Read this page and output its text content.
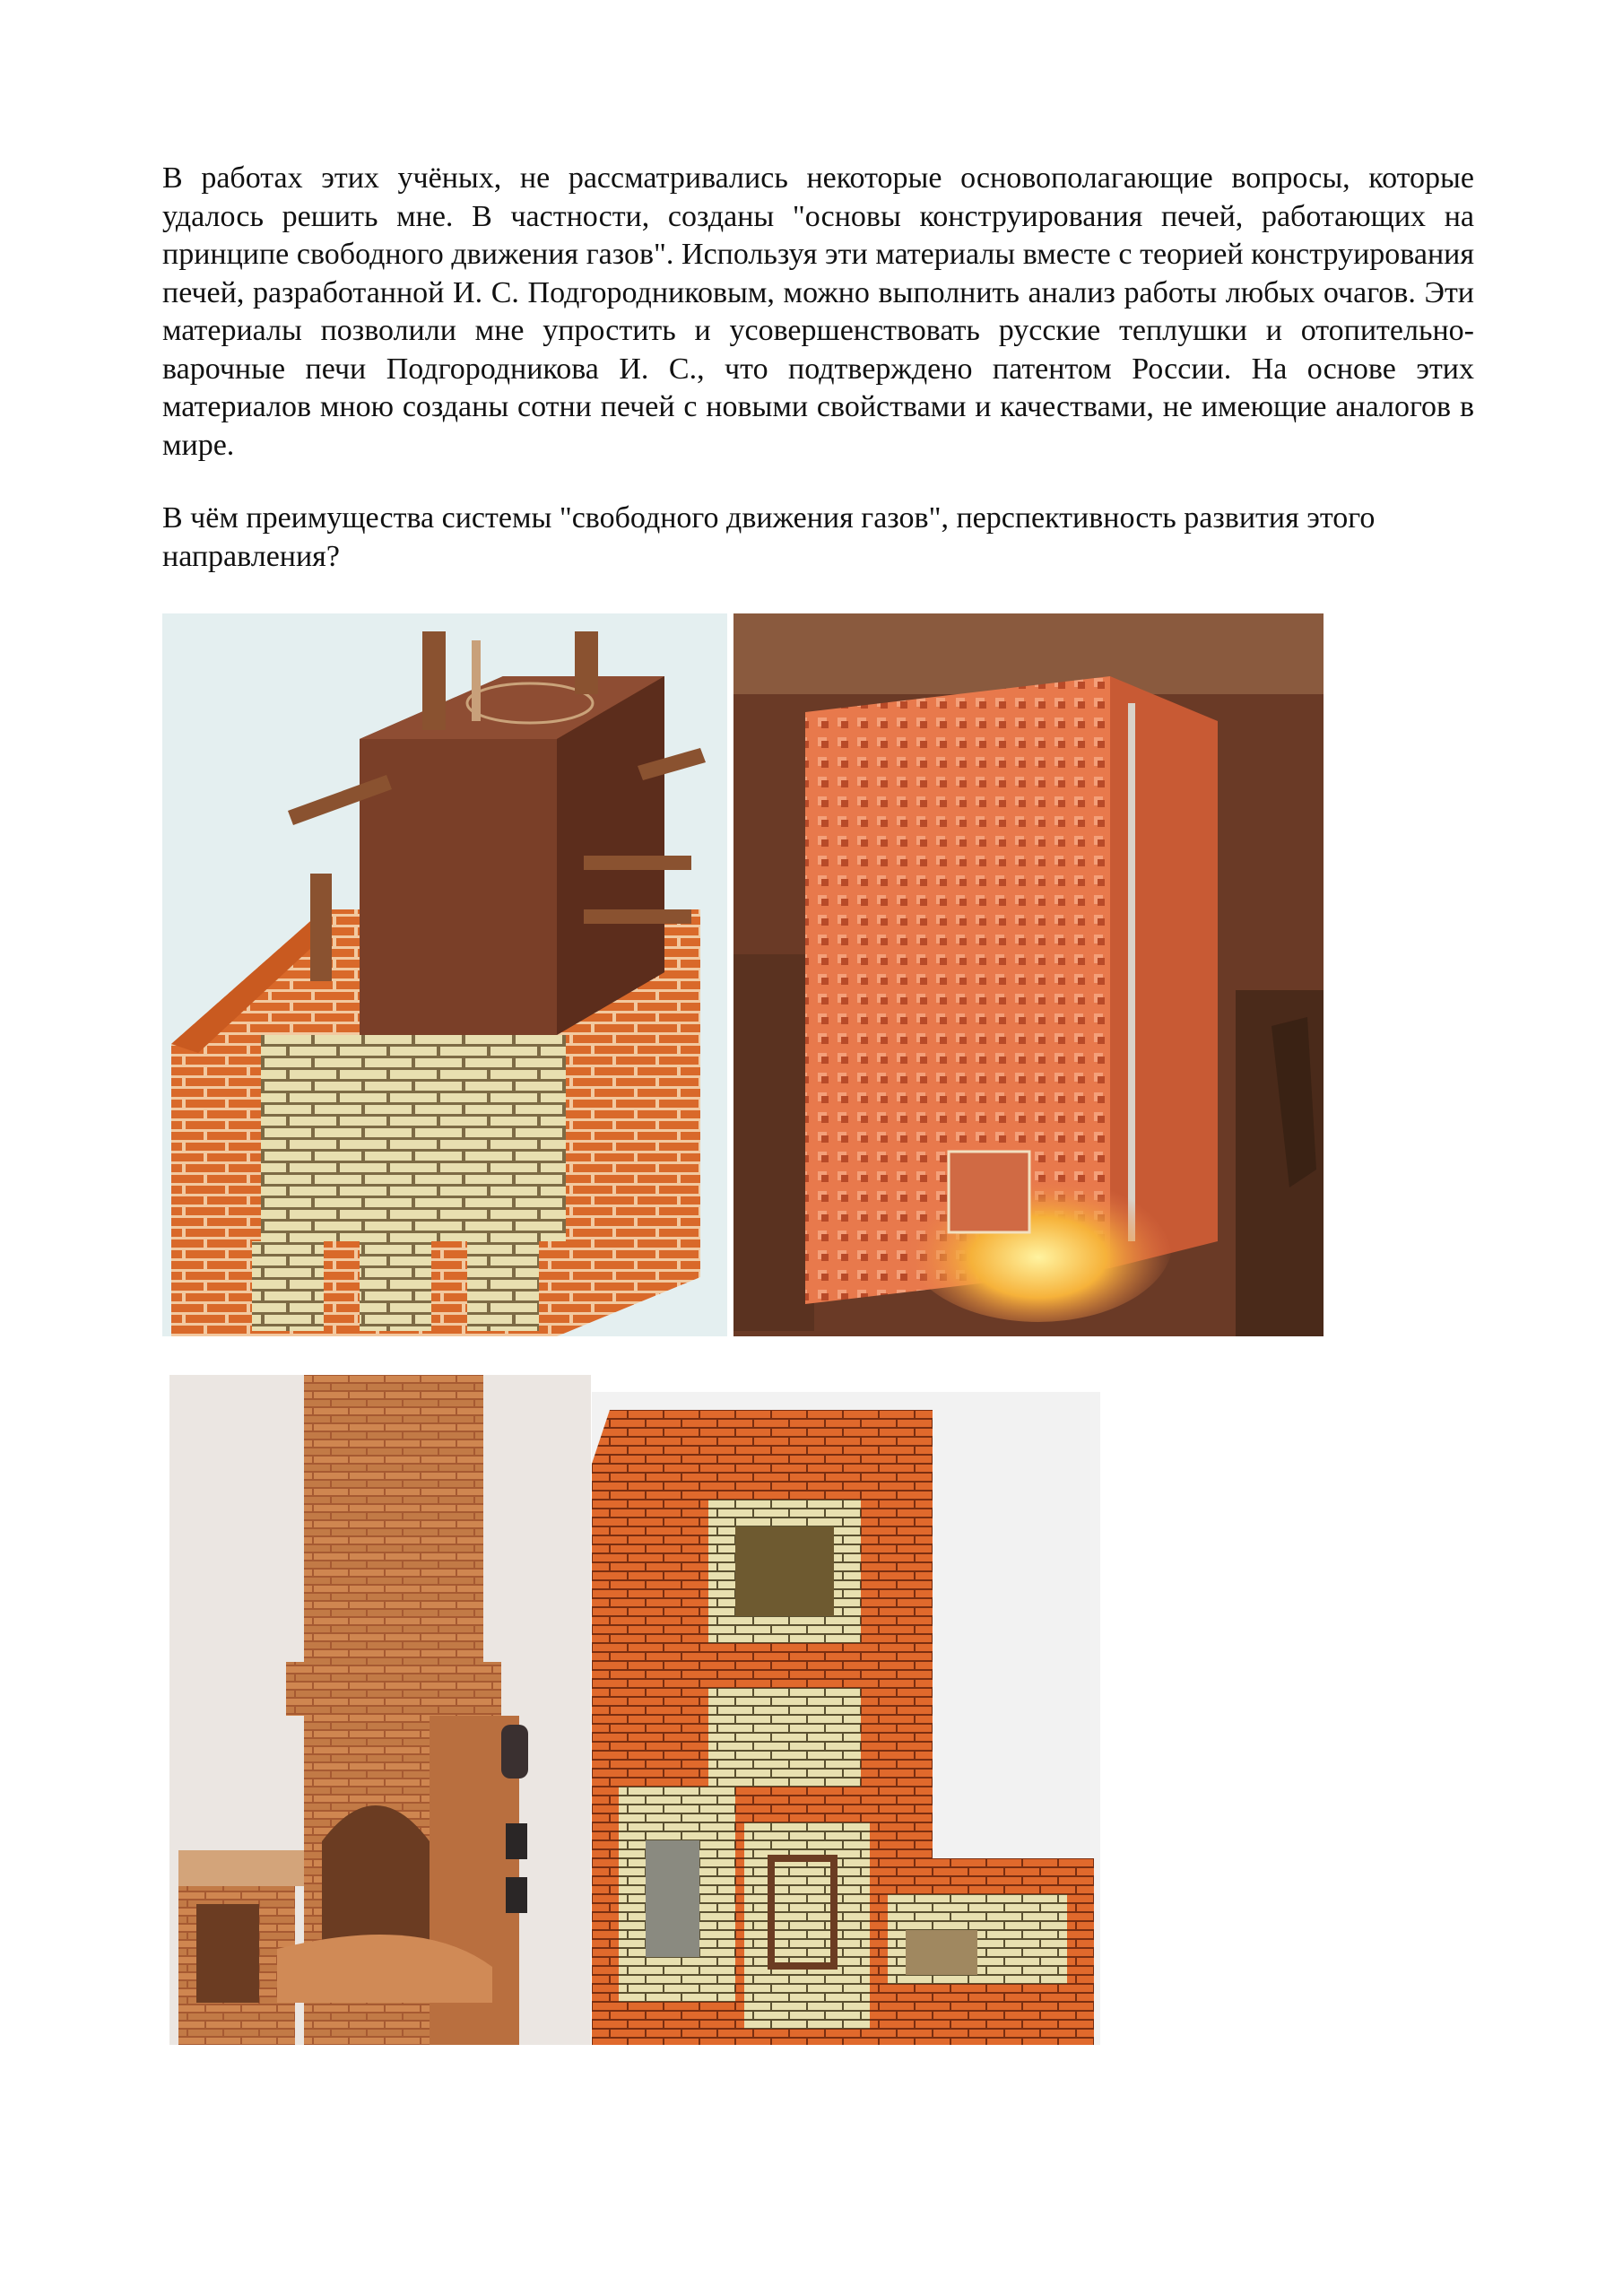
В работах этих учёных, не рассматривались некоторые основополагающие вопросы, которые удалось решить мне. В частности, созданы "основы конструирования печей, работающих на принципе свободного движения газов". Используя эти материалы вместе с теорией конструирования печей, разработанной И. С. Подгородниковым, можно выполнить анализ работы любых очагов. Эти материалы позволили мне упростить и усовершенствовать русские теплушки и отопительно-варочные печи Подгородникова И. С., что подтверждено патентом России. На основе этих материалов мною созданы сотни печей с новыми свойствами и качествами, не имеющие аналогов в мире.

В чём преимущества системы "свободного движения газов", перспективность развития этого направления?
